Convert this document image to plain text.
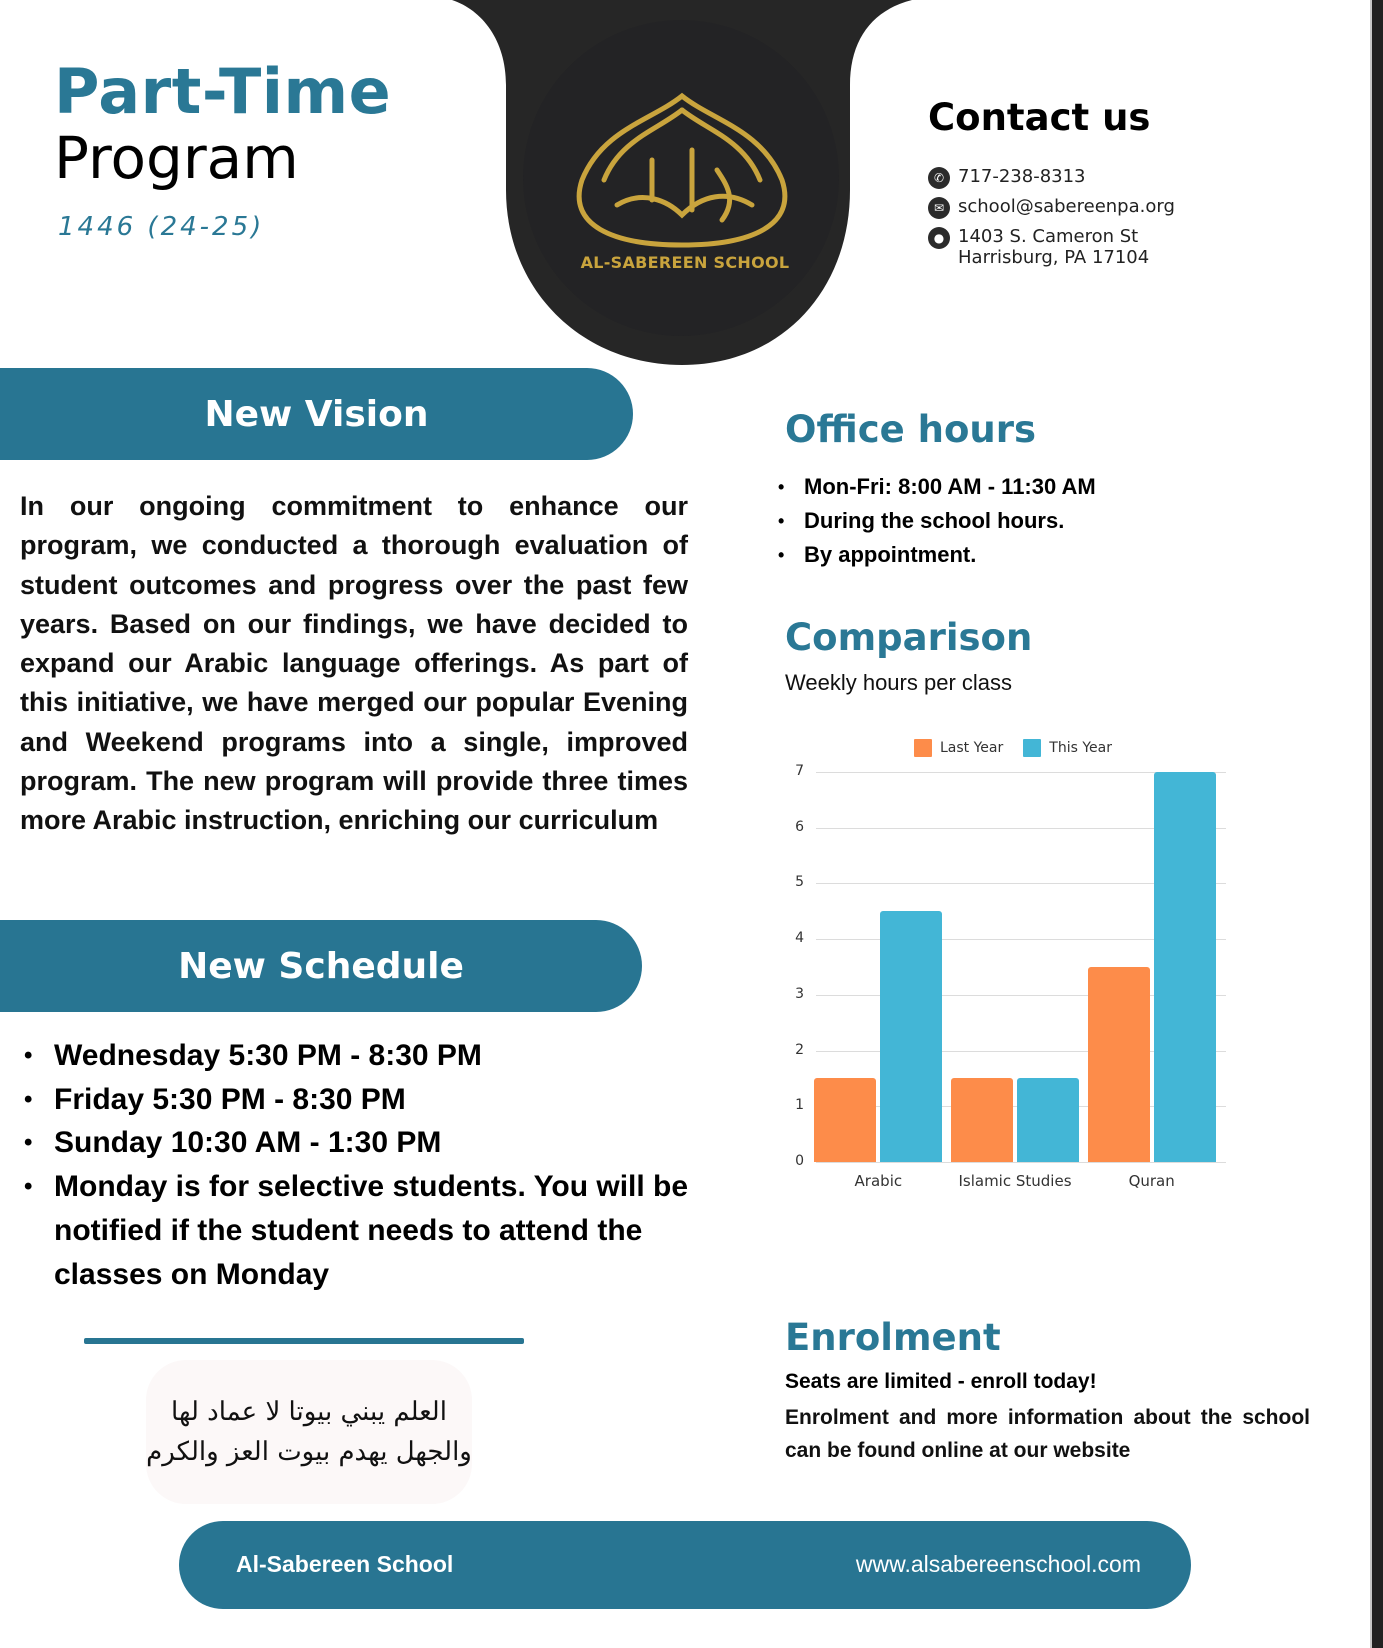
Part-Time
Program
1446 (24-25)
AL-SABEREEN SCHOOL
Contact us
✆ 717-238-8313
✉ school@sabereenpa.org
● 1403 S. Cameron St
Harrisburg, PA 17104
New Vision
In our ongoing commitment to enhance our program, we conducted a thorough evaluation of student outcomes and progress over the past few years. Based on our findings, we have decided to expand our Arabic language offerings. As part of this initiative, we have merged our popular Evening and Weekend programs into a single, improved program. The new program will provide three times more Arabic instruction, enriching our curriculum
New Schedule
• Wednesday 5:30 PM - 8:30 PM
• Friday 5:30 PM - 8:30 PM
• Sunday 10:30 AM - 1:30 PM
• Monday is for selective students. You will be notified if the student needs to attend the classes on Monday
العلم يبني بيوتا لا عماد لها
والجهل يهدم بيوت العز والكرم
Office hours
• Mon-Fri: 8:00 AM - 11:30 AM
• During the school hours.
• By appointment.
Comparison
Weekly hours per class
Last Year	This Year
0
1
2
3
4
5
6
7
Arabic	Islamic Studies	Quran
Enrolment
Seats are limited - enroll today!
Enrolment and more information about the school can be found online at our website
Al-Sabereen School	www.alsabereenschool.com
